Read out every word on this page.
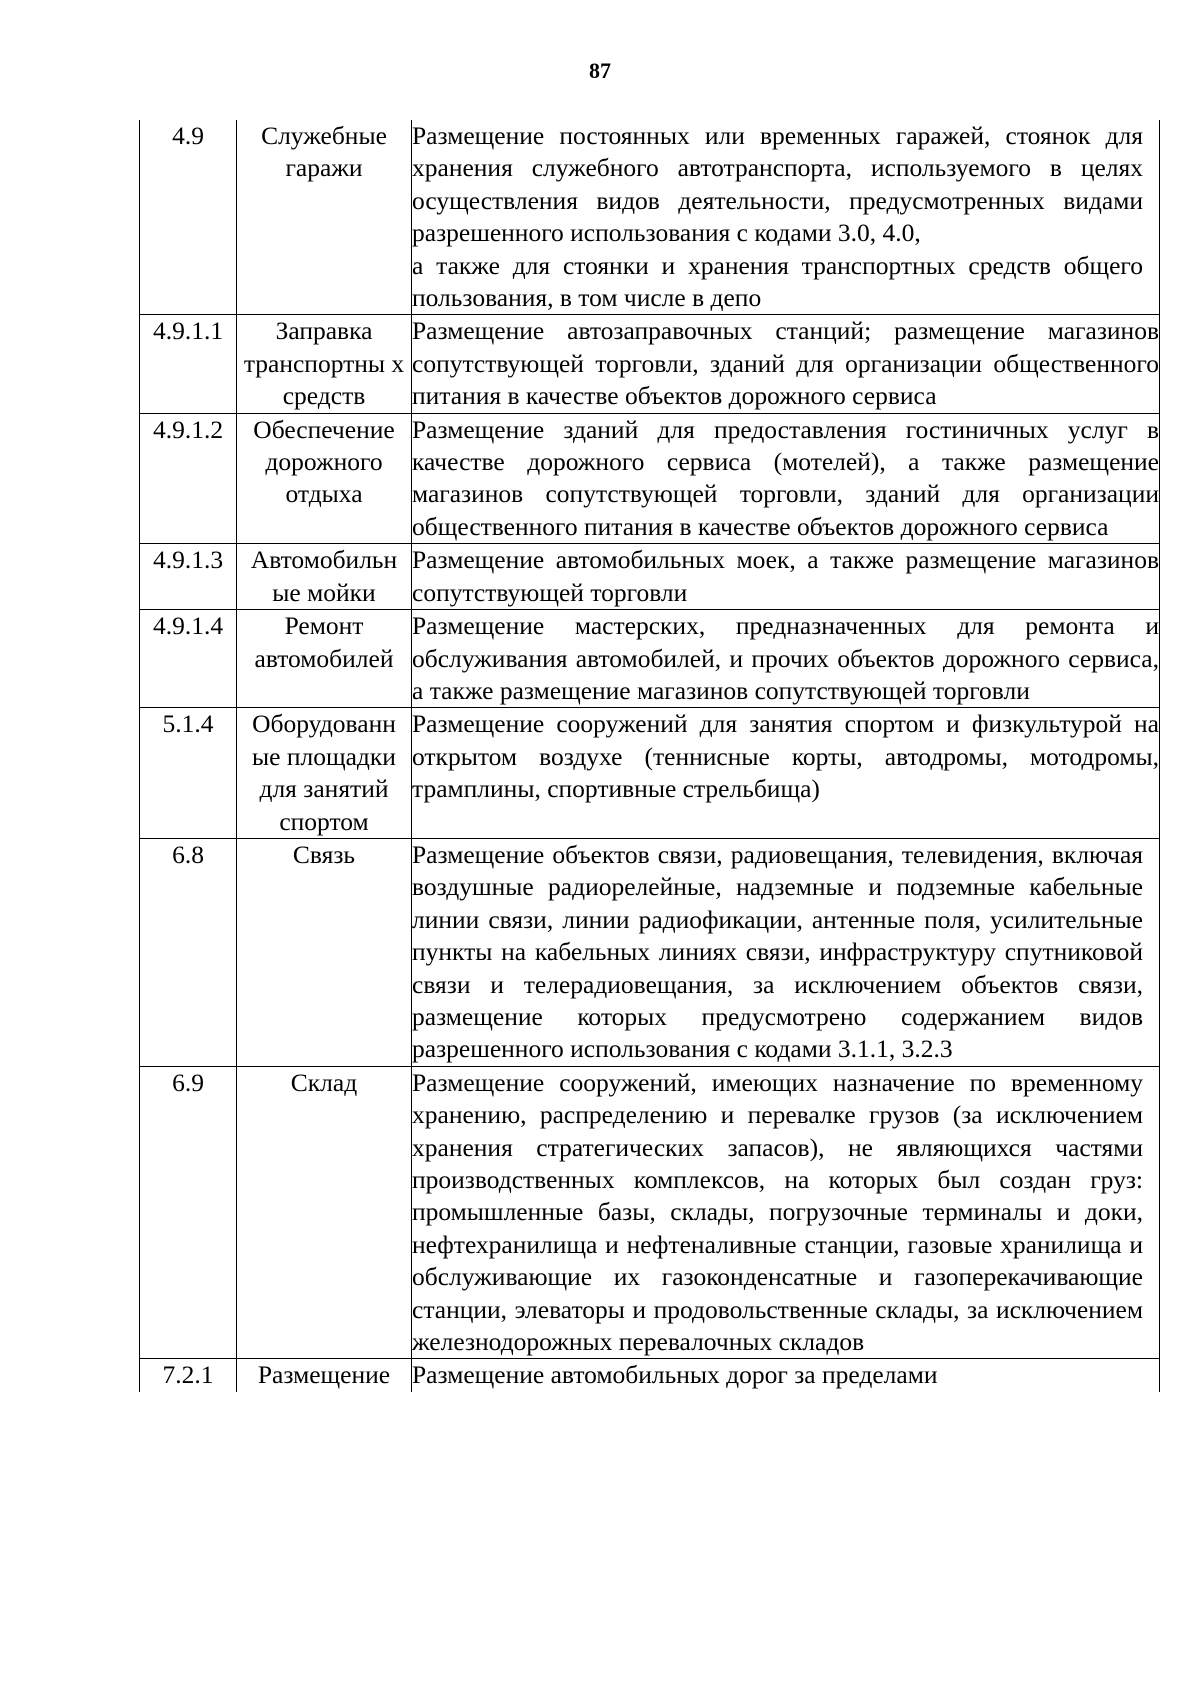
87
4.9	Служебные гаражи	Размещение постоянных или временных гаражей, стоянок для хранения служебного автотранспорта, используемого в целях осуществления видов деятельности, предусмотренных видами разрешенного использования с кодами 3.0, 4.0,

а также для стоянки и хранения транспортных средств общего пользования, в том числе в депо

4.9.1.1	Заправка транспортны х средств	Размещение автозаправочных станций; размещение магазинов сопутствующей торговли, зданий для организации общественного питания в качестве объектов дорожного сервиса

4.9.1.2	Обеспечение дорожного отдыха	Размещение зданий для предоставления гостиничных услуг в качестве дорожного сервиса (мотелей), а также размещение магазинов сопутствующей торговли, зданий для организации общественного питания в качестве объектов дорожного сервиса

4.9.1.3	Автомобильн ые мойки	Размещение автомобильных моек, а также размещение магазинов сопутствующей торговли

4.9.1.4	Ремонт автомобилей	Размещение мастерских, предназначенных для ремонта и обслуживания автомобилей, и прочих объектов дорожного сервиса, а также размещение магазинов сопутствующей торговли

5.1.4	Оборудованн ые площадки для занятий спортом	Размещение сооружений для занятия спортом и физкультурой на открытом воздухе (теннисные корты, автодромы, мотодромы, трамплины, спортивные стрельбища)

6.8	Связь	Размещение объектов связи, радиовещания, телевидения, включая воздушные радиорелейные, надземные и подземные кабельные линии связи, линии радиофикации, антенные поля, усилительные пункты на кабельных линиях связи, инфраструктуру спутниковой связи и телерадиовещания, за исключением объектов связи, размещение которых предусмотрено содержанием видов разрешенного использования с кодами 3.1.1, 3.2.3

6.9	Склад	Размещение сооружений, имеющих назначение по временному хранению, распределению и перевалке грузов (за исключением хранения стратегических запасов), не являющихся частями производственных комплексов, на которых был создан груз: промышленные базы, склады, погрузочные терминалы и доки, нефтехранилища и нефтеналивные станции, газовые хранилища и обслуживающие их газоконденсатные и газоперекачивающие станции, элеваторы и продовольственные склады, за исключением железнодорожных перевалочных складов

7.2.1	Размещение	Размещение автомобильных дорог за пределами
